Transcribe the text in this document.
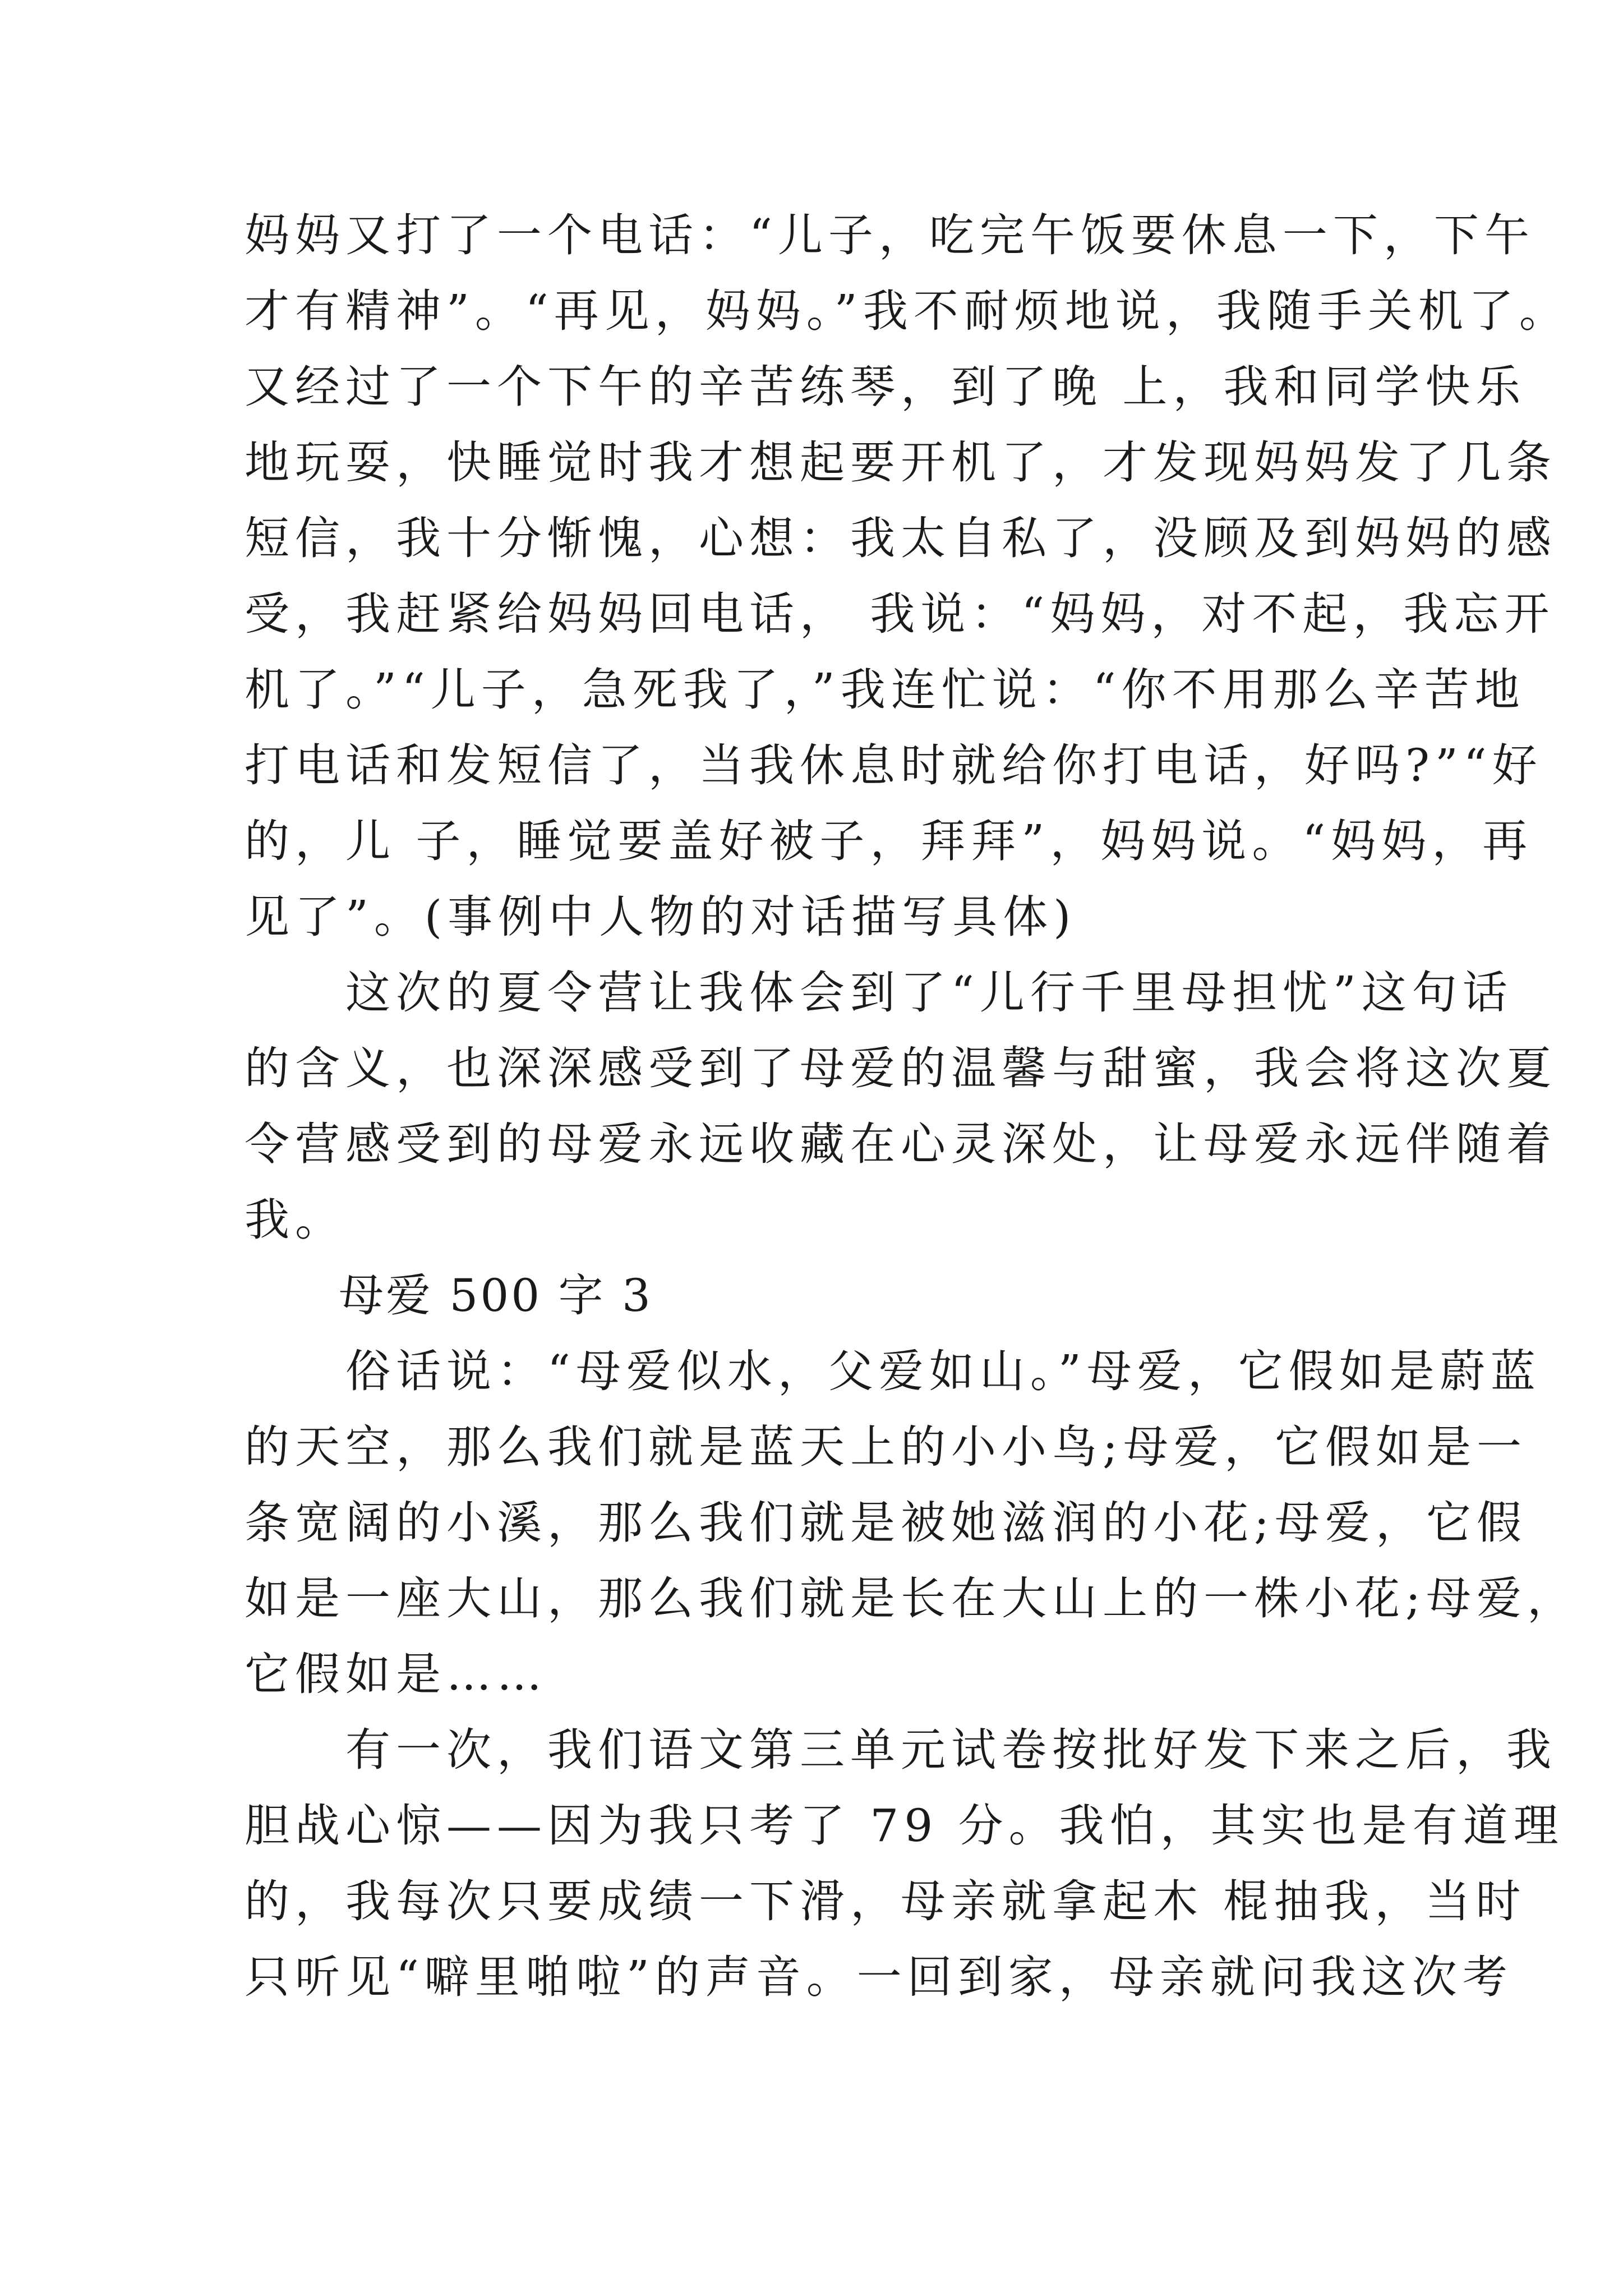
妈妈又打了一个电话：“儿子，吃完午饭要休息一下，下午
才有精神”。“再见，妈妈。”我不耐烦地说，我随手关机了。
又经过了一个下午的辛苦练琴，到了晚 上，我和同学快乐
地玩耍，快睡觉时我才想起要开机了，才发现妈妈发了几条
短信，我十分惭愧，心想：我太自私了，没顾及到妈妈的感
受，我赶紧给妈妈回电话， 我说：“妈妈，对不起，我忘开
机了。”“儿子，急死我了，”我连忙说：“你不用那么辛苦地
打电话和发短信了，当我休息时就给你打电话，好吗?”“好
的，儿 子，睡觉要盖好被子，拜拜”，妈妈说。“妈妈，再
见了”。(事例中人物的对话描写具体)
　　这次的夏令营让我体会到了“儿行千里母担忧”这句话
的含义，也深深感受到了母爱的温馨与甜蜜，我会将这次夏
令营感受到的母爱永远收藏在心灵深处，让母爱永远伴随着
我。
　　母爱 500 字 3
　　俗话说：“母爱似水，父爱如山。”母爱，它假如是蔚蓝
的天空，那么我们就是蓝天上的小小鸟;母爱，它假如是一
条宽阔的小溪，那么我们就是被她滋润的小花;母爱，它假
如是一座大山，那么我们就是长在大山上的一株小花;母爱，
它假如是……
　　有一次，我们语文第三单元试卷按批好发下来之后，我
胆战心惊——因为我只考了 79 分。我怕，其实也是有道理
的，我每次只要成绩一下滑，母亲就拿起木 棍抽我，当时
只听见“噼里啪啦”的声音。一回到家，母亲就问我这次考
